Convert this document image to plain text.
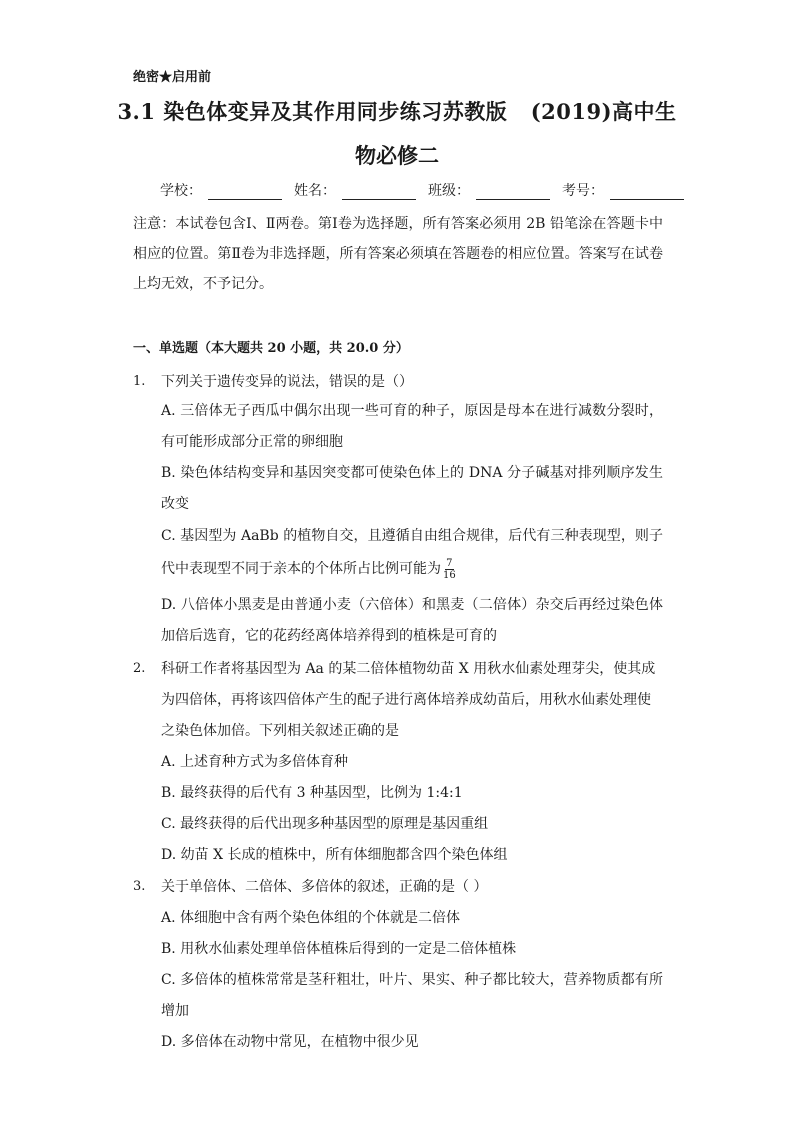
绝密★启用前
3.1 染色体变异及其作用同步练习苏教版   (2019)高中生
物必修二
学校：	姓名：	班级：	考号：
注意：本试卷包含Ⅰ、Ⅱ两卷。第Ⅰ卷为选择题，所有答案必须用 2B 铅笔涂在答题卡中相应的位置。第Ⅱ卷为非选择题，所有答案必须填在答题卷的相应位置。答案写在试卷上均无效，不予记分。
一、单选题（本大题共 20 小题，共 20.0 分）
1.	下列关于遗传变异的说法，错误的是（）
A. 三倍体无子西瓜中偶尔出现一些可育的种子，原因是母本在进行减数分裂时，有可能形成部分正常的卵细胞
B. 染色体结构变异和基因突变都可使染色体上的 DNA 分子碱基对排列顺序发生改变
C. 基因型为 AaBb 的植物自交，且遵循自由组合规律，后代有三种表现型，则子代中表现型不同于亲本的个体所占比例可能为 $\frac{7}{16}$
D. 八倍体小黑麦是由普通小麦（六倍体）和黑麦（二倍体）杂交后再经过染色体加倍后选育，它的花药经离体培养得到的植株是可育的
2.	科研工作者将基因型为 Aa 的某二倍体植物幼苗 X 用秋水仙素处理芽尖，使其成为四倍体，再将该四倍体产生的配子进行离体培养成幼苗后，用秋水仙素处理使之染色体加倍。下列相关叙述正确的是
A. 上述育种方式为多倍体育种
B. 最终获得的后代有 3 种基因型，比例为 1:4:1
C. 最终获得的后代出现多种基因型的原理是基因重组
D. 幼苗 X 长成的植株中，所有体细胞都含四个染色体组
3.	关于单倍体、二倍体、多倍体的叙述，正确的是（ ）
A. 体细胞中含有两个染色体组的个体就是二倍体
B. 用秋水仙素处理单倍体植株后得到的一定是二倍体植株
C. 多倍体的植株常常是茎秆粗壮，叶片、果实、种子都比较大，营养物质都有所增加
D. 多倍体在动物中常见，在植物中很少见
